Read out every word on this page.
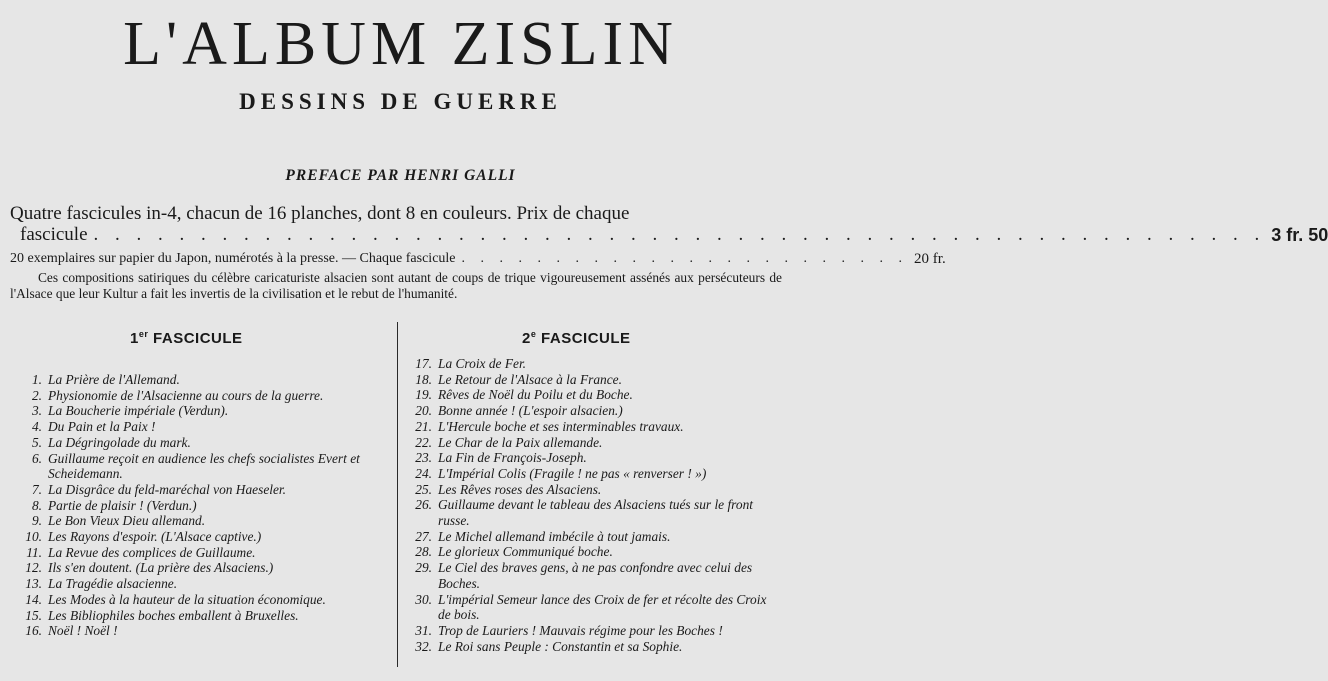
L'ALBUM ZISLIN
DESSINS DE GUERRE
PREFACE PAR HENRI GALLI
Quatre fascicules in-4, chacun de 16 planches, dont 8 en couleurs. Prix de chaque
fascicule . . . . . . . . . . . . . . . . . . . . . . . . . . . . . . . . . . . . . . . . . . . . . . . . . . . . . . . 3 fr. 50
20 exemplaires sur papier du Japon, numérotés à la presse. — Chaque fascicule . . . . . . . . . . . . . . . . . . . . . . . . 20 fr.
Ces compositions satiriques du célèbre caricaturiste alsacien sont autant de coups de trique vigoureusement assénés aux persécuteurs de l'Alsace que leur Kultur a fait les invertis de la civilisation et le rebut de l'humanité.
1er FASCICULE	2e FASCICULE
1. La Prière de l'Allemand.
2. Physionomie de l'Alsacienne au cours de la guerre.
3. La Boucherie impériale (Verdun).
4. Du Pain et la Paix !
5. La Dégringolade du mark.
6. Guillaume reçoit en audience les chefs socialistes Evert et Scheidemann.
7. La Disgrâce du feld-maréchal von Haeseler.
8. Partie de plaisir ! (Verdun.)
9. Le Bon Vieux Dieu allemand.
10. Les Rayons d'espoir. (L'Alsace captive.)
11. La Revue des complices de Guillaume.
12. Ils s'en doutent. (La prière des Alsaciens.)
13. La Tragédie alsacienne.
14. Les Modes à la hauteur de la situation économique.
15. Les Bibliophiles boches emballent à Bruxelles.
16. Noël ! Noël !
17. La Croix de Fer.
18. Le Retour de l'Alsace à la France.
19. Rêves de Noël du Poilu et du Boche.
20. Bonne année ! (L'espoir alsacien.)
21. L'Hercule boche et ses interminables travaux.
22. Le Char de la Paix allemande.
23. La Fin de François-Joseph.
24. L'Impérial Colis (Fragile ! ne pas « renverser ! »)
25. Les Rêves roses des Alsaciens.
26. Guillaume devant le tableau des Alsaciens tués sur le front russe.
27. Le Michel allemand imbécile à tout jamais.
28. Le glorieux Communiqué boche.
29. Le Ciel des braves gens, à ne pas confondre avec celui des Boches.
30. L'impérial Semeur lance des Croix de fer et récolte des Croix de bois.
31. Trop de Lauriers ! Mauvais régime pour les Boches !
32. Le Roi sans Peuple : Constantin et sa Sophie.
